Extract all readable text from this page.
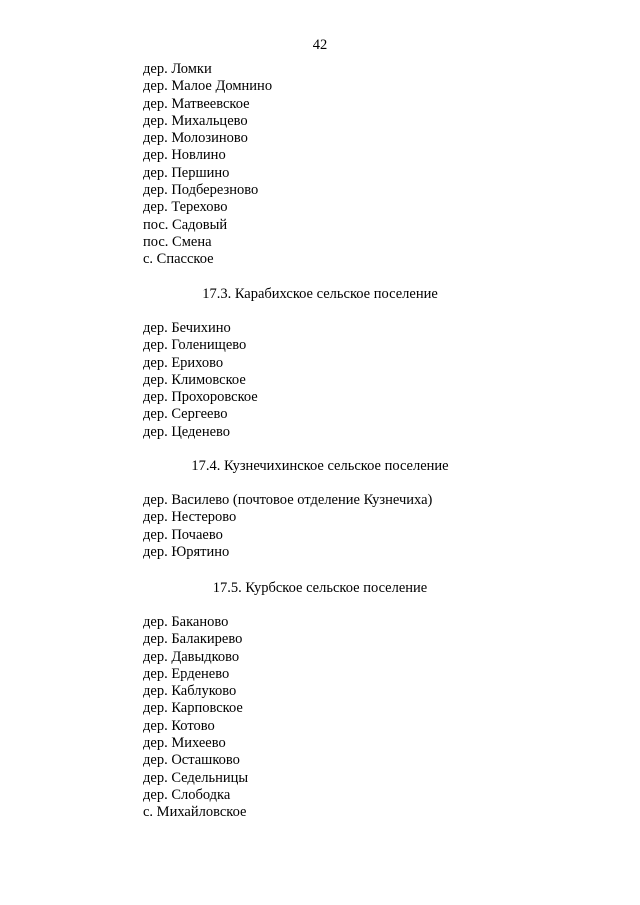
42
дер. Ломки
дер. Малое Домнино
дер. Матвеевское
дер. Михальцево
дер. Молозиново
дер. Новлино
дер. Першино
дер. Подберезново
дер. Терехово
пос. Садовый
пос. Смена
с. Спасское
17.3. Карабихское сельское поселение
дер. Бечихино
дер. Голенищево
дер. Ерихово
дер. Климовское
дер. Прохоровское
дер. Сергеево
дер. Цеденево
17.4. Кузнечихинское сельское поселение
дер. Василево (почтовое отделение Кузнечиха)
дер. Нестерово
дер. Почаево
дер. Юрятино
17.5. Курбское сельское поселение
дер. Баканово
дер. Балакирево
дер. Давыдково
дер. Ерденево
дер. Каблуково
дер. Карповское
дер. Котово
дер. Михеево
дер. Осташково
дер. Седельницы
дер. Слободка
с. Михайловское
